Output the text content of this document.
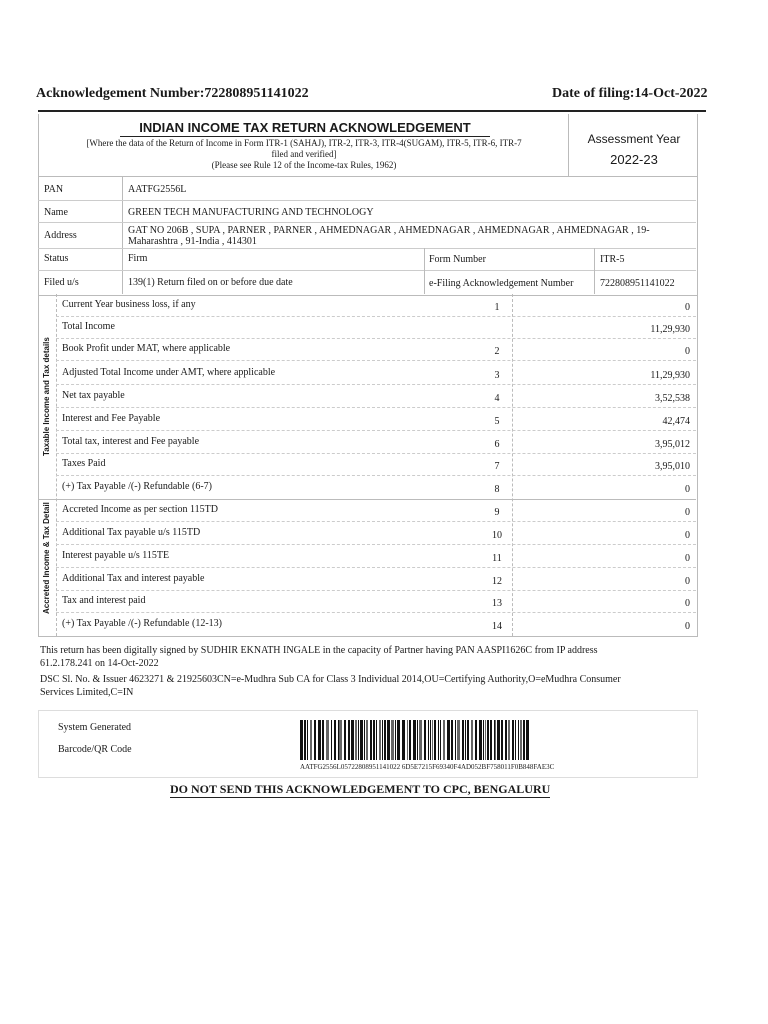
Acknowledgement Number:722808951141022	Date of filing:14-Oct-2022
INDIAN INCOME TAX RETURN ACKNOWLEDGEMENT
[Where the data of the Return of Income in Form ITR-1 (SAHAJ), ITR-2, ITR-3, ITR-4(SUGAM), ITR-5, ITR-6, ITR-7
filed and verified]
(Please see Rule 12 of the Income-tax Rules, 1962)
Assessment Year
2022-23
PAN	AATFG2556L
Name	GREEN TECH MANUFACTURING AND TECHNOLOGY
Address	GAT NO 206B , SUPA , PARNER , PARNER , AHMEDNAGAR , AHMEDNAGAR , AHMEDNAGAR , AHMEDNAGAR , 19-
Maharashtra , 91-India , 414301
Status	Firm	Form Number	ITR-5
Filed u/s	139(1) Return filed on or before due date	e-Filing Acknowledgement Number	722808951141022
Taxable Income and Tax details
Accreted Income & Tax Detail
Current Year business loss, if any	1	0
Total Income	11,29,930
Book Profit under MAT, where applicable	2	0
Adjusted Total Income under AMT, where applicable	3	11,29,930
Net tax payable	4	3,52,538
Interest and Fee Payable	5	42,474
Total tax, interest and Fee payable	6	3,95,012
Taxes Paid	7	3,95,010
(+) Tax Payable /(-) Refundable (6-7)	8	0
Accreted Income as per section 115TD	9	0
Additional Tax payable u/s 115TD	10	0
Interest payable u/s 115TE	11	0
Additional Tax and interest payable	12	0
Tax and interest paid	13	0
(+) Tax Payable /(-) Refundable (12-13)	14	0
This return has been digitally signed by SUDHIR EKNATH INGALE in the capacity of Partner having PAN AASPI1626C from IP address
61.2.178.241 on 14-Oct-2022
DSC Sl. No. & Issuer 4623271 & 21925603CN=e-Mudhra Sub CA for Class 3 Individual 2014,OU=Certifying Authority,O=eMudhra Consumer
Services Limited,C=IN
System Generated
Barcode/QR Code
AATFG2556L05722808951141022 6D5E7215F69340F4AD052BF758011F0B848FAE3C
DO NOT SEND THIS ACKNOWLEDGEMENT TO CPC, BENGALURU
